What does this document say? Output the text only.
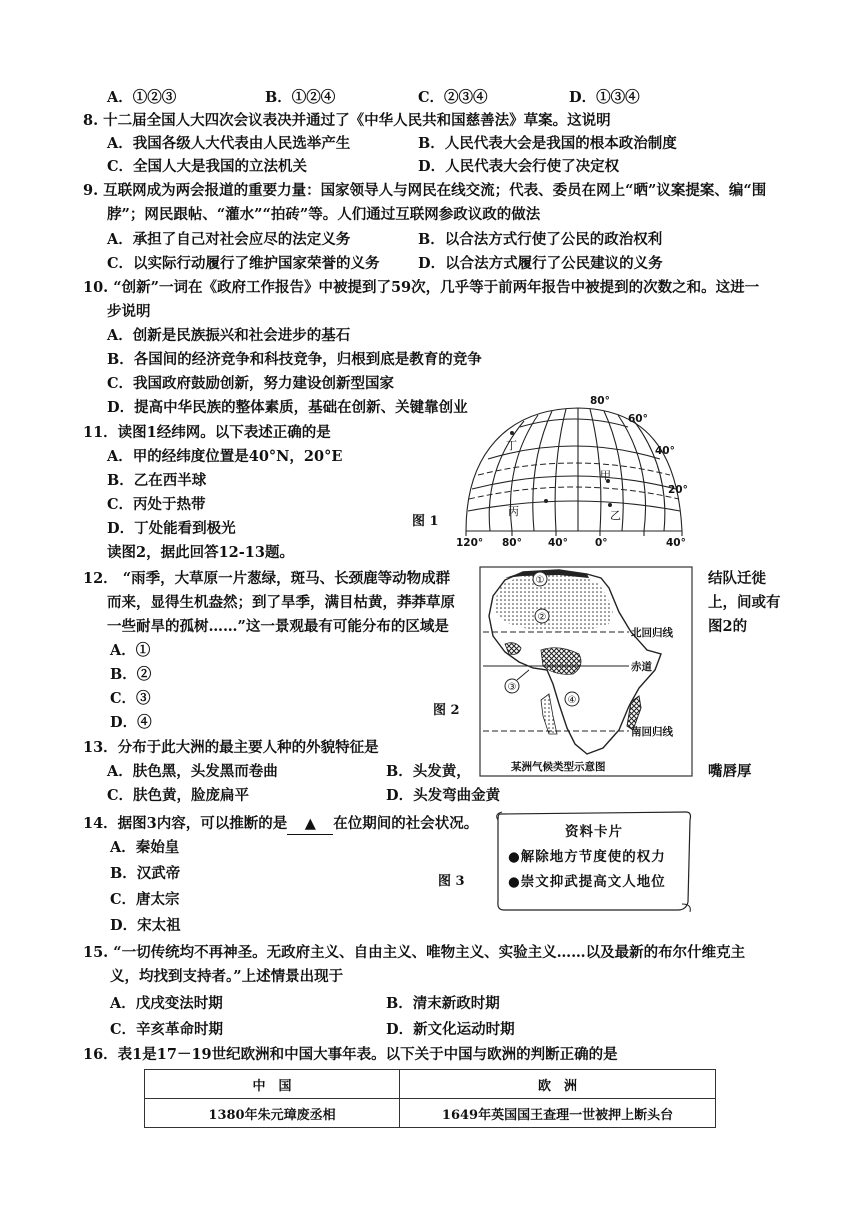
A．①②③	B．①②④	C．②③④	D．①③④
8. 十二届全国人大四次会议表决并通过了《中华人民共和国慈善法》草案。这说明
A．我国各级人大代表由人民选举产生	B．人民代表大会是我国的根本政治制度
C．全国人大是我国的立法机关	D．人民代表大会行使了决定权
9. 互联网成为两会报道的重要力量：国家领导人与网民在线交流；代表、委员在网上“晒”议案提案、编“围
脖”；网民跟帖、“灌水”“拍砖”等。人们通过互联网参政议政的做法
A．承担了自己对社会应尽的法定义务	B．以合法方式行使了公民的政治权利
C．以实际行动履行了维护国家荣誉的义务	D．以合法方式履行了公民建议的义务
10. “创新”一词在《政府工作报告》中被提到了59次，几乎等于前两年报告中被提到的次数之和。这进一
步说明
A．创新是民族振兴和社会进步的基石
B．各国间的经济竞争和科技竞争，归根到底是教育的竞争
C．我国政府鼓励创新，努力建设创新型国家
D．提高中华民族的整体素质，基础在创新、关键靠创业
11．读图1经纬网。以下表述正确的是
A．甲的经纬度位置是40°N，20°E
B．乙在西半球
C．丙处于热带
D．丁处能看到极光	图 1
80°
60°
40°
20°
120° 80° 40°	0°	40°
甲
乙
丙
丁
读图2，据此回答12-13题。
12． “雨季，大草原一片葱绿，斑马、长颈鹿等动物成群
而来，显得生机盎然；到了旱季，满目枯黄，莽莽草原
一些耐旱的孤树……”这一景观最有可能分布的区域是
结队迁徙
上，间或有
图2的
A．①
B．②
C．③
D．④
图 2
①
②
③
④
北回归线
赤道
南回归线
某洲气候类型示意图
13．分布于此大洲的最主要人种的外貌特征是
A．肤色黑，头发黑而卷曲	B．头发黄，	嘴唇厚
C．肤色黄，脸庞扁平	D．头发弯曲金黄
14．据图3内容，可以推断的是 ▲ 在位期间的社会状况。
A．秦始皇
B．汉武帝
C．唐太宗
D．宋太祖
图 3
资料卡片
●解除地方节度使的权力
●崇文抑武提高文人地位
15. “一切传统均不再神圣。无政府主义、自由主义、唯物主义、实验主义……以及最新的布尔什维克主
义，均找到支持者。”上述情景出现于
A．戊戌变法时期	B．清末新政时期
C．辛亥革命时期	D．新文化运动时期
16．表1是17－19世纪欧洲和中国大事年表。以下关于中国与欧洲的判断正确的是
中　国	欧　洲
1380年朱元璋废丞相	1649年英国国王查理一世被押上断头台
